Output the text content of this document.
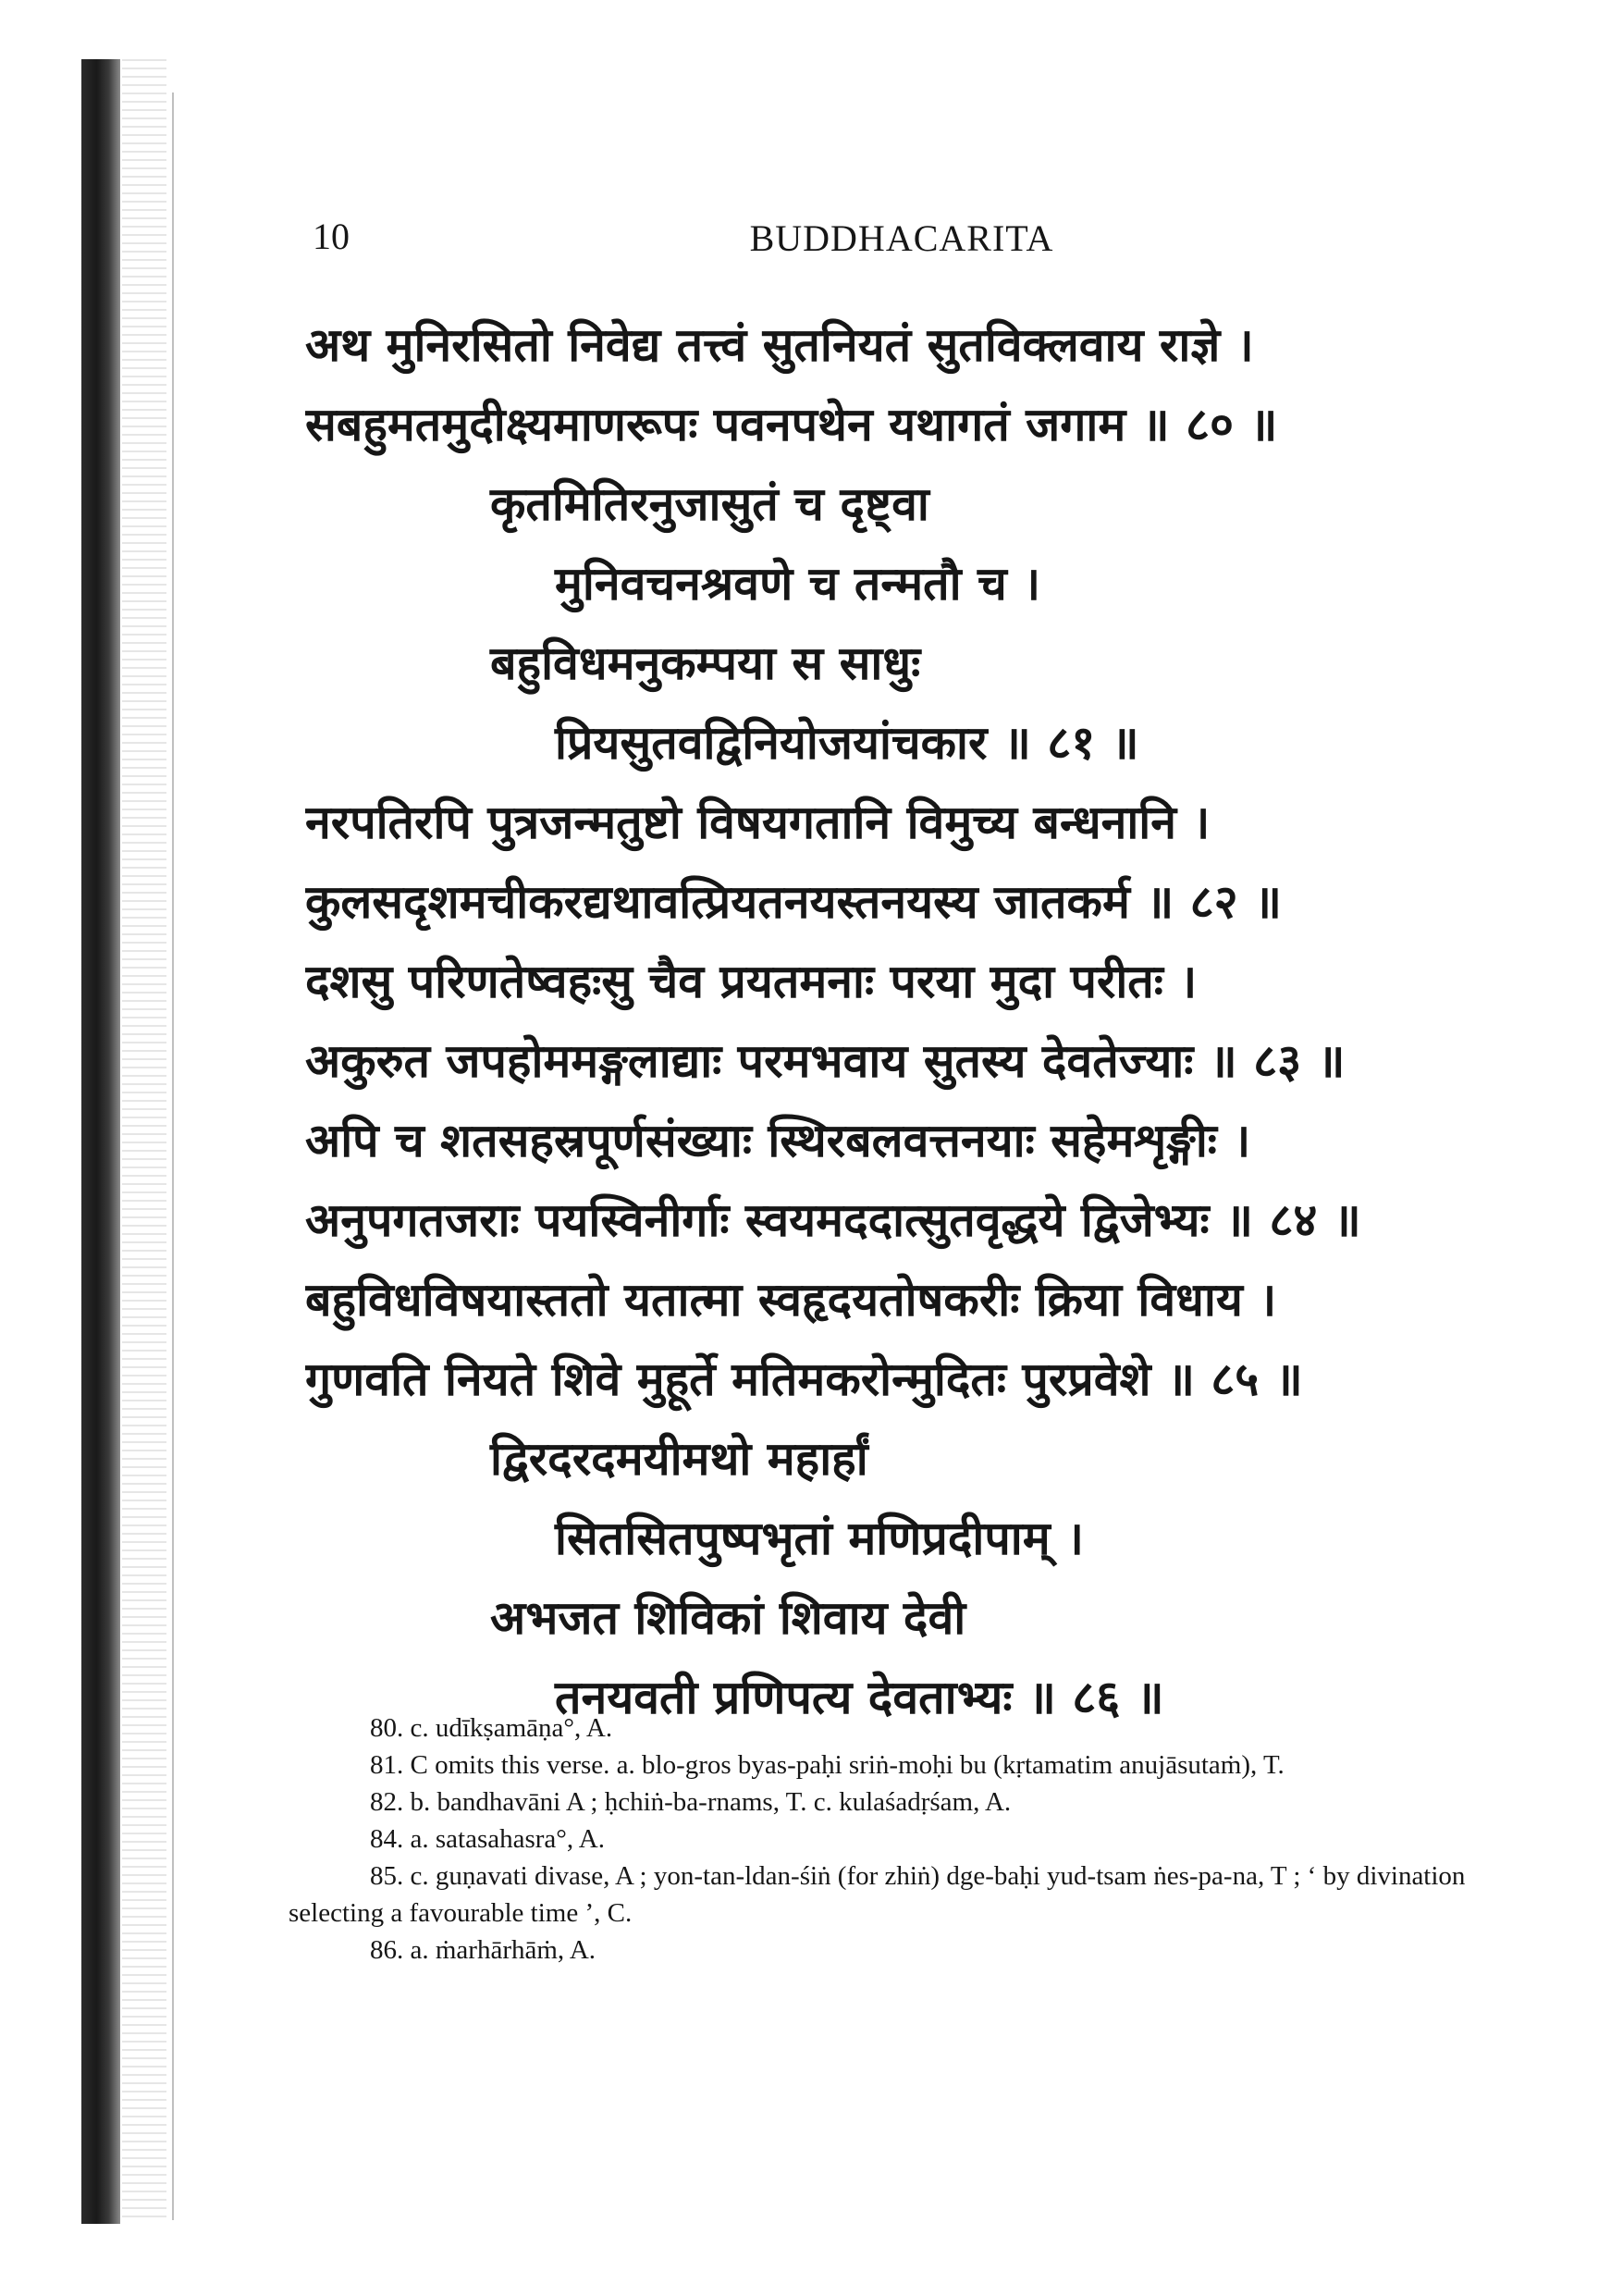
10	BUDDHACARITA
अथ मुनिरसितो निवेद्य तत्त्वं सुतनियतं सुतविक्लवाय राज्ञे ।
सबहुमतमुदीक्ष्यमाणरूपः पवनपथेन यथागतं जगाम ॥ ८० ॥
कृतमितिरनुजासुतं च दृष्ट्वा
मुनिवचनश्रवणे च तन्मतौ च ।
बहुविधमनुकम्पया स साधुः
प्रियसुतवद्विनियोजयांचकार ॥ ८१ ॥
नरपतिरपि पुत्रजन्मतुष्टो विषयगतानि विमुच्य बन्धनानि ।
कुलसदृशमचीकरद्यथावत्प्रियतनयस्तनयस्य जातकर्म ॥ ८२ ॥
दशसु परिणतेष्वहःसु चैव प्रयतमनाः परया मुदा परीतः ।
अकुरुत जपहोममङ्गलाद्याः परमभवाय सुतस्य देवतेज्याः ॥ ८३ ॥
अपि च शतसहस्रपूर्णसंख्याः स्थिरबलवत्तनयाः सहेमशृङ्गीः ।
अनुपगतजराः पयस्विनीर्गाः स्वयमददात्सुतवृद्धये द्विजेभ्यः ॥ ८४ ॥
बहुविधविषयास्ततो यतात्मा स्वहृदयतोषकरीः क्रिया विधाय ।
गुणवति नियते शिवे मुहूर्ते मतिमकरोन्मुदितः पुरप्रवेशे ॥ ८५ ॥
द्विरदरदमयीमथो महार्हां
सितसितपुष्पभृतां मणिप्रदीपाम् ।
अभजत शिविकां शिवाय देवी
तनयवती प्रणिपत्य देवताभ्यः ॥ ८६ ॥

80. c. udīkṣamāṇa°, A.

81. C omits this verse. a. blo-gros byas-paḥi sriṅ-moḥi bu (kṛtamatim anujāsutaṁ), T.

82. b. bandhavāni A ; ḥchiṅ-ba-rnams, T. c. kulaśadṛśam, A.

84. a. satasahasra°, A.

85. c. guṇavati divase, A ; yon-tan-ldan-śiṅ (for zhiṅ) dge-baḥi yud-tsam ṅes-pa-na, T ; ‘ by divination selecting a favourable time ’, C.

86. a. ṁarhārhāṁ, A.
